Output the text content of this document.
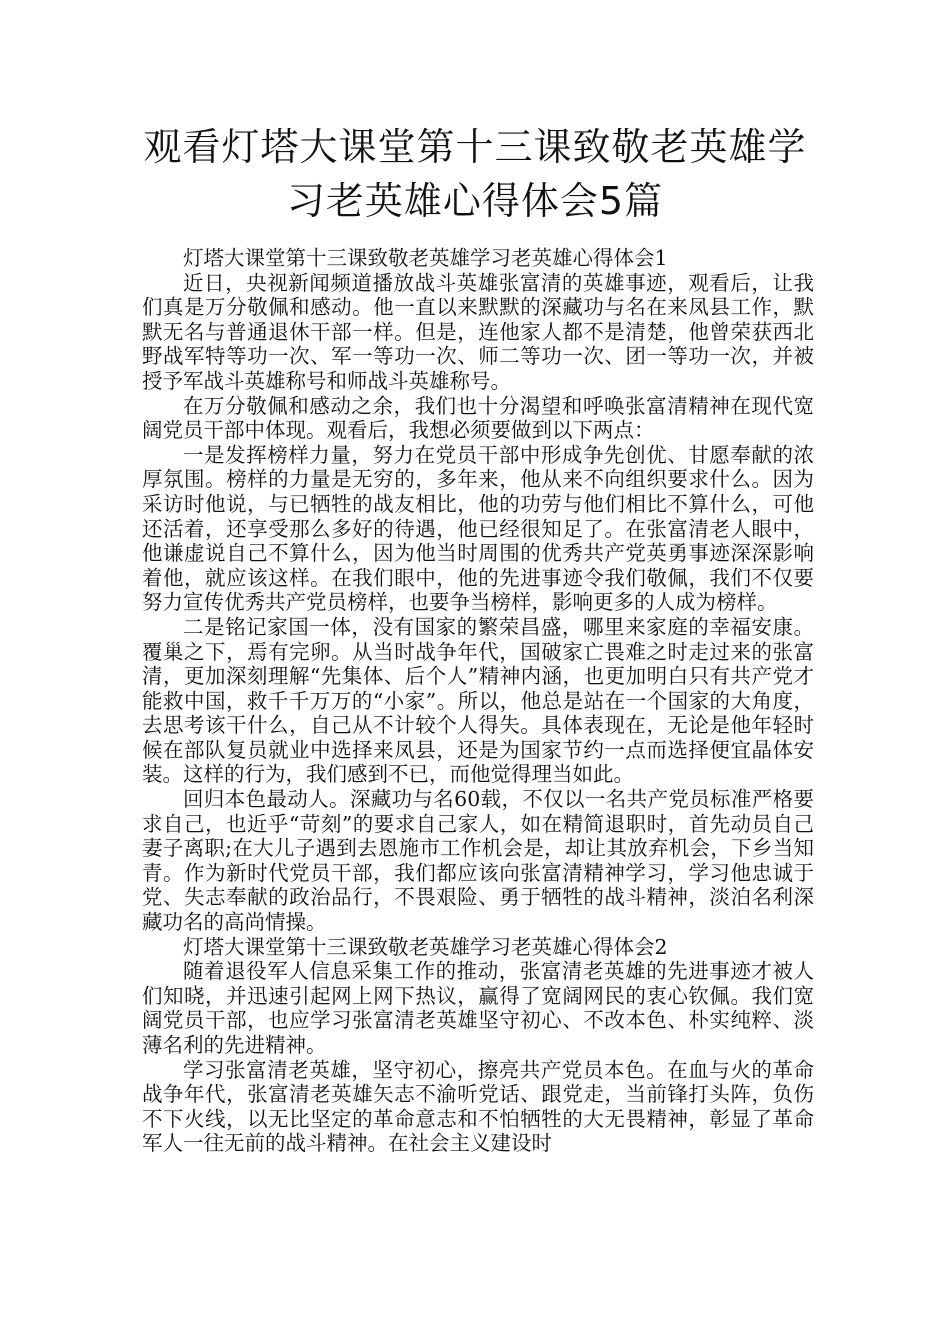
观看灯塔大课堂第十三课致敬老英雄学
习老英雄心得体会5篇

灯塔大课堂第十三课致敬老英雄学习老英雄心得体会1

近日，央视新闻频道播放战斗英雄张富清的英雄事迹，观看后，让我们真是万分敬佩和感动。他一直以来默默的深藏功与名在来凤县工作，默默无名与普通退休干部一样。但是，连他家人都不是清楚，他曾荣获西北野战军特等功一次、军一等功一次、师二等功一次、团一等功一次，并被授予军战斗英雄称号和师战斗英雄称号。

在万分敬佩和感动之余，我们也十分渴望和呼唤张富清精神在现代宽阔党员干部中体现。观看后，我想必须要做到以下两点：

一是发挥榜样力量，努力在党员干部中形成争先创优、甘愿奉献的浓厚氛围。榜样的力量是无穷的，多年来，他从来不向组织要求什么。因为采访时他说，与已牺牲的战友相比，他的功劳与他们相比不算什么，可他还活着，还享受那么多好的待遇，他已经很知足了。在张富清老人眼中，他谦虚说自己不算什么，因为他当时周围的优秀共产党英勇事迹深深影响着他，就应该这样。在我们眼中，他的先进事迹令我们敬佩，我们不仅要努力宣传优秀共产党员榜样，也要争当榜样，影响更多的人成为榜样。

二是铭记家国一体，没有国家的繁荣昌盛，哪里来家庭的幸福安康。覆巢之下，焉有完卵。从当时战争年代，国破家亡畏难之时走过来的张富清，更加深刻理解“先集体、后个人”精神内涵，也更加明白只有共产党才能救中国，救千千万万的“小家”。所以，他总是站在一个国家的大角度，去思考该干什么，自己从不计较个人得失。具体表现在，无论是他年轻时候在部队复员就业中选择来凤县，还是为国家节约一点而选择便宜晶体安装。这样的行为，我们感到不已，而他觉得理当如此。

回归本色最动人。深藏功与名60载，不仅以一名共产党员标准严格要求自己，也近乎“苛刻”的要求自己家人，如在精简退职时，首先动员自己妻子离职;在大儿子遇到去恩施市工作机会是，却让其放弃机会，下乡当知青。作为新时代党员干部，我们都应该向张富清精神学习，学习他忠诚于党、失志奉献的政治品行，不畏艰险、勇于牺牲的战斗精神，淡泊名利深藏功名的高尚情操。

灯塔大课堂第十三课致敬老英雄学习老英雄心得体会2

随着退役军人信息采集工作的推动，张富清老英雄的先进事迹才被人们知晓，并迅速引起网上网下热议，赢得了宽阔网民的衷心钦佩。我们宽阔党员干部，也应学习张富清老英雄坚守初心、不改本色、朴实纯粹、淡薄名利的先进精神。

学习张富清老英雄，坚守初心，擦亮共产党员本色。在血与火的革命战争年代，张富清老英雄矢志不渝听党话、跟党走，当前锋打头阵，负伤不下火线，以无比坚定的革命意志和不怕牺牲的大无畏精神，彰显了革命军人一往无前的战斗精神。在社会主义建设时
